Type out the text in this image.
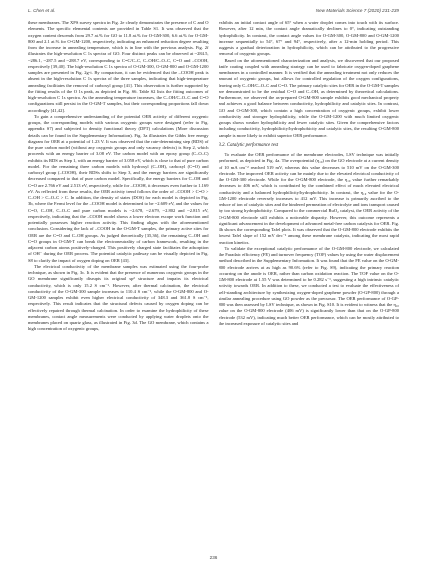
L. Chen et al.	New Materials Science 7 (2020) 231-239

these membranes. The XPS survey spectra in Fig. 2e clearly demonstrates the presence of C and O elements. The specific elemental contents are provided in Table S1. It was observed that the oxygen content descends from 29.7 at.% for GO to 11.8 at.% for O-GM-300, 6.6 at.% for O-GM-800 and 2.1 at.% for O-GM-1200, respectively, indicating an enhanced reduction degree resulting from the increase in annealing temperature, which is in line with the previous analysis. Fig. 2f illustrates the high-resolution C 1s spectra of GO. Four distinct peaks can be observed at ~284.5, ~286.1, ~287.5 and ~288.7 eV, corresponding to C=C/C–C, C–OH/C–O–C, C=O and –COOH, respectively [39,40]. The high-resolution C 1s spectra of O-GM-300, O-GM-800 and O-GM-1200 samples are presented in Fig. 2g-i. By comparison, it can be evidenced that the –COOH peak is absent in the high-resolution C 1s spectra of the three samples, indicating that high-temperature annealing facilitates the removal of carboxyl group [41]. This observation is further supported by the fitting results of the O 1s peak, as depicted in Fig. S6. Table S2 lists the fitting outcomes of high-resolution C 1s spectra. As the annealing temperature increases, the C–OH/C–O–C and C=O configurations still persist in the O-GM-T samples, but their corresponding proportions fall down accordingly [41,42].

To gain a comprehensive understanding of the potential OER activity of different oxygenic groups, the corresponding models with various oxygenic groups were designed (refer to Fig. appendix S7) and subjected to density functional theory (DFT) calculations (More discussion details can be found in the Supplementary Information). Fig. 3a illustrates the Gibbs free energy diagram for OER at a potential of 1.23 V. It was observed that the rate-determining step (RDS) of the pure carbon model (without any oxygenic groups and only vacancy defects) is Step 2, which proceeds with an energy barrier of 3.08 eV. The carbon model with an epoxy group (C–O–C) exhibits its RDS as Step 1, with an energy barrier of 3.058 eV, which is close to that of pure carbon model. For the remaining three carbon models with hydroxyl (C–OH), carboxyl (C=O) and carboxyl group (–COOH), their RDSs shifts to Step 3, and the energy barriers are significantly decreased compared to that of pure carbon model. Specifically, the energy barriers for C–OH and C=O are 2.766 eV and 2.513 eV, respectively, while for –COOH, it decreases even further to 1.169 eV. As reflected from these results, the OER activity trend follows the order of –COOH > C=O > C–OH > C–O–C > C. In addition, the density of states (DOS) for each model is depicted in Fig. 3b, where the Fermi level for the –COOH model is determined to be ~2.609 eV, and the values for C=O, C–OH, C–O–C and pure carbon models is ~2.678, ~2.679, ~2.802 and ~2.815 eV, respectively, indicating that the –COOH model shows a lower electron escape work function and potentially possesses higher reaction activity. This finding aligns with the aforementioned conclusion. Considering the lack of –COOH in the O-GM-T samples, the primary active sites for OER are the C=O and C–OH groups. As judged theoretically [35,36], the remaining C–OH and C=O groups in O-GM-T can break the electroneutrality of carbon framework, resulting in the adjacent carbon atoms positively-charged. This positively charged state facilitates the adsorption of OH⁻ during the OER process. The potential catalytic pathway can be visually depicted in Fig. S8 to clarify the impact of oxygen doping on OER [43].

The electrical conductivity of the membrane samples was estimated using the four-probe technique, as shown in Fig. 3c. It is evident that the presence of numerous oxygenic groups in the GO membrane significantly disrupts its original sp² structure and impairs its electrical conductivity, which is only 15.2 S cm⁻¹. However, after thermal calcination, the electrical conductivity of the O-GM-300 sample increases to 110.4 S cm⁻¹, while the O-GM-800 and O-GM-1200 samples exhibit even higher electrical conductivity of 348.3 and 361.8 S cm⁻¹, respectively. This result indicates that the structural defects caused by oxygen doping can be effectively repaired through thermal calcination. In order to examine the hydrophilicity of these membranes, contact angle measurements were conducted by applying water droplets onto the membranes placed on quartz glass, as illustrated in Fig. 3d. The GO membrane, which contains a high concentration of oxygenic groups,

exhibits an initial contact angle of 65° when a water droplet comes into touch with its surface. However, after 12 min, the contact angle dramatically declines to 0°, indicating outstanding hydrophilicity. In contrast, the contact angle values for O-GM-300, O-GM-800 and O-GM-1200 increase sequentially to 54°, 67° and 94°, respectively, after a 12-min holding period. This suggests a gradual deterioration in hydrophilicity, which can be attributed to the progressive removal of oxygenic groups.

Based on the aforementioned characterization and analysis, we discovered that our proposed knife coating coupled with annealing strategy can be used to fabricate oxygen-doped graphene membranes in a controlled manner. It is verified that the annealing treatment not only reduces the amount of oxygenic groups, but allows for controlled regulation of the oxygen configurations, leaving only C–OH/C–O–C and C=O. The primary catalytic sites for OER in the O-GM-T samples are demonstrated to be the residual C=O and C–OH, as determined by theoretical calculations. Furthermore, we observed the as-prepared O-GM-800 sample exhibits good mechanical property and achieves a good balance between conductivity, hydrophilicity and catalytic sites. In contrast, GO and O-GM-300, which contain a high concentration of oxygenic groups, exhibit lower conductivity and stronger hydrophilicity, while the O-GM-1200 with much limited oxygenic groups shows weaker hydrophilicity and fewer catalytic sites. Given the comprehensive factors including conductivity, hydrophilicity/hydrophobicity and catalytic sites, the resulting O-GM-800 sample is more likely to exhibit superior OER performance.

3.2. Catalytic performance test

To evaluate the OER performance of the membrane electrodes, LSV technique was initially performed, as depicted in Fig. 4a. The overpotential (η₁₀) on the GO electrode at a current density of 10 mA cm⁻² reached 519 mV, whereas this value decreases to 510 mV on the O-GM-300 electrode. The improved OER activity can be mainly due to the elevated electrical conductivity of the O-GM-300 electrode. While for the O-GM-800 electrode, the η₁₀ value further remarkably decreases to 406 mV, which is contributed by the combined effect of much elevated electrical conductivity and a balanced hydrophilicity/hydrophobicity. In contrast, the η₁₀ value for the O-GM-1200 electrode reversely increases to 412 mV. This increase is primarily ascribed to the reduce of ion of catalytic sites and the hindered permeation of electrolyte and ions transport caused by too strong hydrophobicity. Compared to the commercial RuO₂ catalyst, the OER activity of the O-GM-800 electrode still exhibits a noticeable disparity. However, this outcome represents a significant advancement in the development of advanced metal-free carbon catalysts for OER. Fig. 4b shows the corresponding Tafel plots. It was observed that the O-GM-800 electrode exhibits the lowest Tafel slope of 152 mV dec⁻¹ among these membrane catalysts, indicating the most rapid reaction kinetics.

To validate the exceptional catalytic performance of the O-GM-800 electrode, we calculated the Faradaic efficiency (FE) and turnover frequency (TOF) values by using the water displacement method described in the Supplementary Information. It was found that the FE value on the O-GM-800 electrode arrives at as high as 90.6% (refer to Fig. S9), indicating the primary reaction occurring on the anode is OER, rather than carbon oxidation reaction. The TOF value on the O-GM-800 electrode at 1.55 V was determined to be 0.282 s⁻¹, suggesting a high intrinsic catalytic activity towards OER. In addition to these, we conducted a test to evaluate the effectiveness of self-standing architecture by synthesizing oxygen-doped graphene powder (O-GP-800) through a similar annealing procedure using GO powder as the precursor. The OER performance of O-GP-800 was then assessed by LSV technique, as shown in Fig. S10. It is evident to witness that the η₁₀ value on the O-GM-800 electrode (406 mV) is significantly lower than that on the O-GP-800 electrode (532 mV), indicating much better OER performance, which can be mostly attributed to the increased exposure of catalytic sites and

236
